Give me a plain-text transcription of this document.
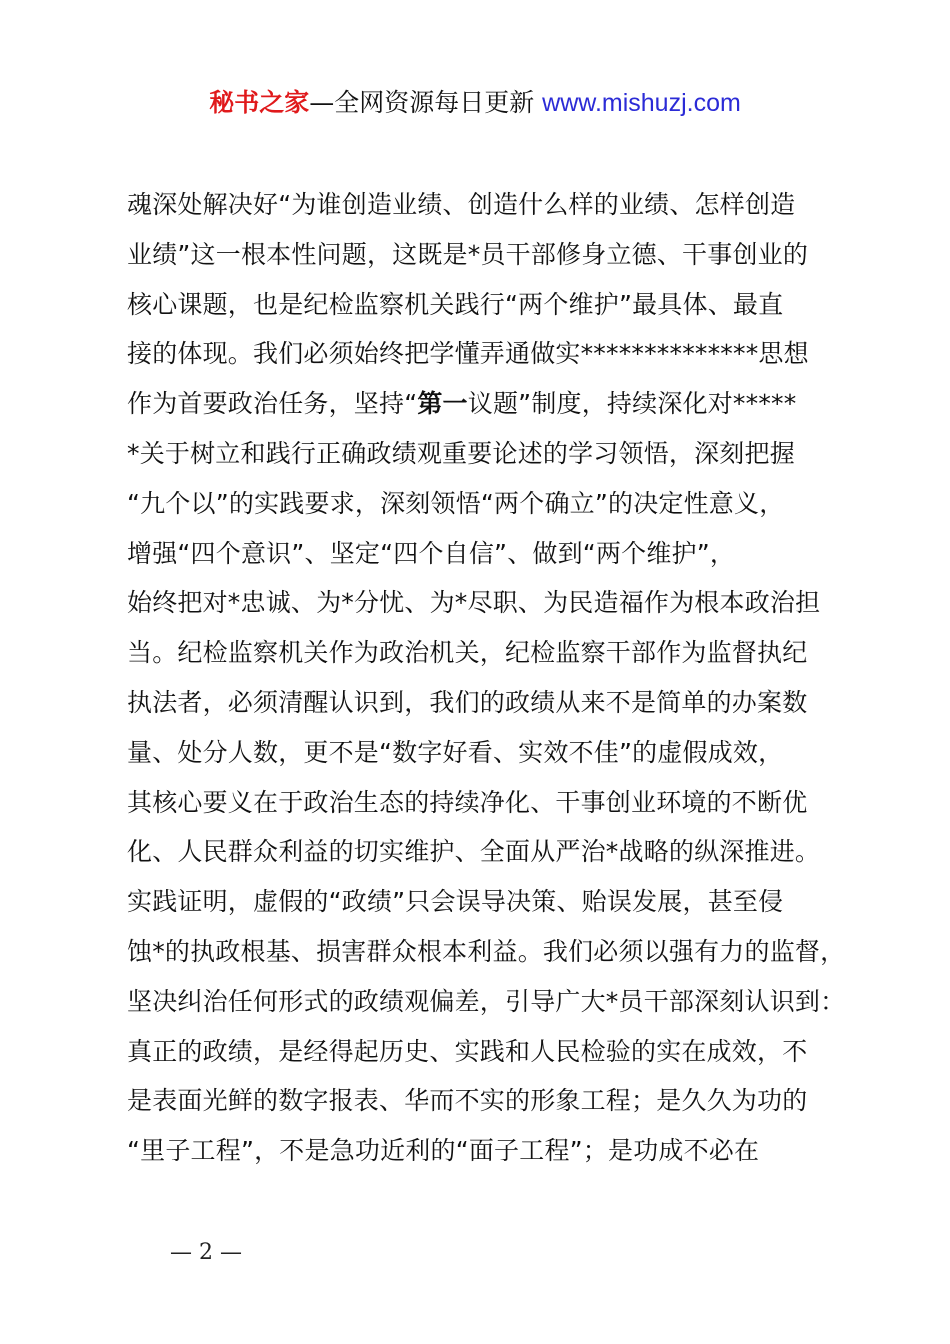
秘书之家—全网资源每日更新 www.mishuzj.com
魂深处解决好“为谁创造业绩、创造什么样的业绩、怎样创造
业绩”这一根本性问题，这既是*员干部修身立德、干事创业的
核心课题，也是纪检监察机关践行“两个维护”最具体、最直
接的体现。我们必须始终把学懂弄通做实**************思想
作为首要政治任务，坚持“第一议题”制度，持续深化对*****
*关于树立和践行正确政绩观重要论述的学习领悟，深刻把握
“九个以”的实践要求，深刻领悟“两个确立”的决定性意义，
增强“四个意识”、坚定“四个自信”、做到“两个维护”，
始终把对*忠诚、为*分忧、为*尽职、为民造福作为根本政治担
当。纪检监察机关作为政治机关，纪检监察干部作为监督执纪
执法者，必须清醒认识到，我们的政绩从来不是简单的办案数
量、处分人数，更不是“数字好看、实效不佳”的虚假成效，
其核心要义在于政治生态的持续净化、干事创业环境的不断优
化、人民群众利益的切实维护、全面从严治*战略的纵深推进。
实践证明，虚假的“政绩”只会误导决策、贻误发展，甚至侵
蚀*的执政根基、损害群众根本利益。我们必须以强有力的监督，
坚决纠治任何形式的政绩观偏差，引导广大*员干部深刻认识到：
真正的政绩，是经得起历史、实践和人民检验的实在成效，不
是表面光鲜的数字报表、华而不实的形象工程；是久久为功的
“里子工程”，不是急功近利的“面子工程”；是功成不必在
— 2 —
